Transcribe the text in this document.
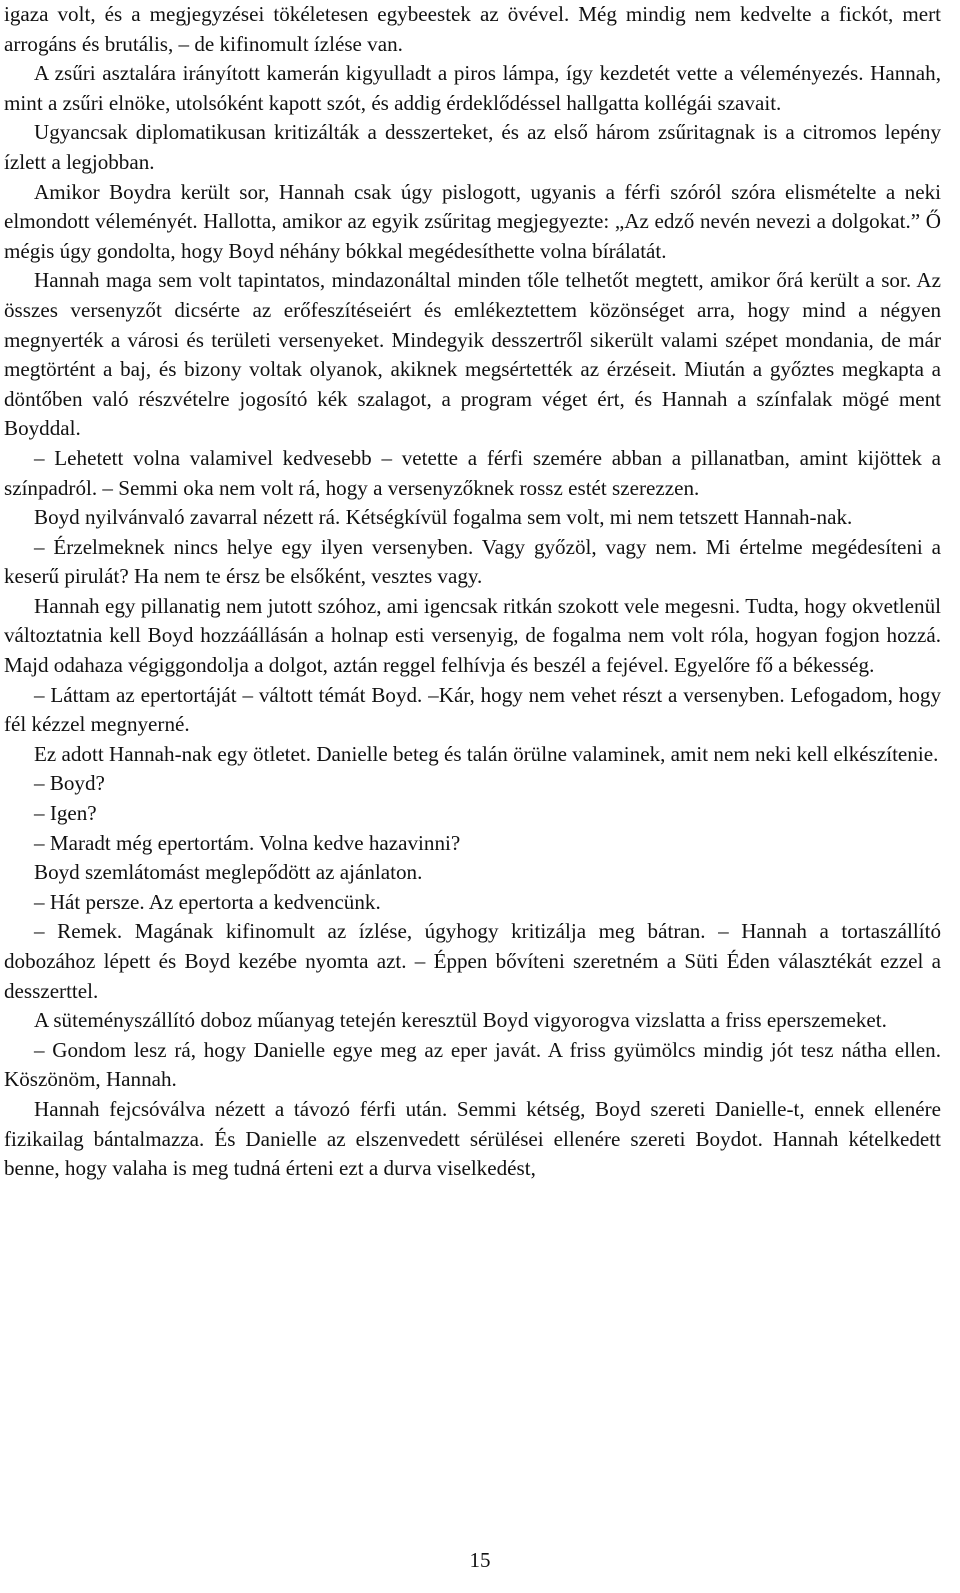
igaza volt, és a megjegyzései tökéletesen egybeestek az övével. Még mindig nem kedvelte a fickót, mert arrogáns és brutális, – de kifinomult ízlése van.

A zsűri asztalára irányított kamerán kigyulladt a piros lámpa, így kezdetét vette a véleményezés. Hannah, mint a zsűri elnöke, utolsóként kapott szót, és addig érdeklődéssel hallgatta kollégái szavait.

Ugyancsak diplomatikusan kritizálták a desszerteket, és az első három zsűritagnak is a citromos lepény ízlett a legjobban.

Amikor Boydra került sor, Hannah csak úgy pislogott, ugyanis a férfi szóról szóra elismételte a neki elmondott véleményét. Hallotta, amikor az egyik zsűritag megjegyezte: „Az edző nevén nevezi a dolgokat.” Ő mégis úgy gondolta, hogy Boyd néhány bókkal megédesíthette volna bírálatát.

Hannah maga sem volt tapintatos, mindazonáltal minden tőle telhetőt megtett, amikor őrá került a sor. Az összes versenyzőt dicsérte az erőfeszítéseiért és emlékeztettem közönséget arra, hogy mind a négyen megnyerték a városi és területi versenyeket. Mindegyik desszertről sikerült valami szépet mondania, de már megtörtént a baj, és bizony voltak olyanok, akiknek megsértették az érzéseit. Miután a győztes megkapta a döntőben való részvételre jogosító kék szalagot, a program véget ért, és Hannah a színfalak mögé ment Boyddal.

– Lehetett volna valamivel kedvesebb – vetette a férfi szemére abban a pillanatban, amint kijöttek a színpadról. – Semmi oka nem volt rá, hogy a versenyzőknek rossz estét szerezzen.

Boyd nyilvánvaló zavarral nézett rá. Kétségkívül fogalma sem volt, mi nem tetszett Hannah-nak.

– Érzelmeknek nincs helye egy ilyen versenyben. Vagy győzöl, vagy nem. Mi értelme megédesíteni a keserű pirulát? Ha nem te érsz be elsőként, vesztes vagy.

Hannah egy pillanatig nem jutott szóhoz, ami igencsak ritkán szokott vele megesni. Tudta, hogy okvetlenül változtatnia kell Boyd hozzáállásán a holnap esti versenyig, de fogalma nem volt róla, hogyan fogjon hozzá. Majd odahaza végiggondolja a dolgot, aztán reggel felhívja és beszél a fejével. Egyelőre fő a békesség.

– Láttam az epertortáját – váltott témát Boyd. –Kár, hogy nem vehet részt a versenyben. Lefogadom, hogy fél kézzel megnyerné.

Ez adott Hannah-nak egy ötletet. Danielle beteg és talán örülne valaminek, amit nem neki kell elkészítenie.

– Boyd?

– Igen?

– Maradt még epertortám. Volna kedve hazavinni?

Boyd szemlátomást meglepődött az ajánlaton.

– Hát persze. Az epertorta a kedvencünk.

– Remek. Magának kifinomult az ízlése, úgyhogy kritizálja meg bátran. – Hannah a tortaszállító dobozához lépett és Boyd kezébe nyomta azt. – Éppen bővíteni szeretném a Süti Éden választékát ezzel a desszerttel.

A süteményszállító doboz műanyag tetején keresztül Boyd vigyorogva vizslatta a friss eperszemeket.

– Gondom lesz rá, hogy Danielle egye meg az eper javát. A friss gyümölcs mindig jót tesz nátha ellen. Köszönöm, Hannah.

Hannah fejcsóválva nézett a távozó férfi után. Semmi kétség, Boyd szereti Danielle-t, ennek ellenére fizikailag bántalmazza. És Danielle az elszenvedett sérülései ellenére szereti Boydot. Hannah kételkedett benne, hogy valaha is meg tudná érteni ezt a durva viselkedést,

15
